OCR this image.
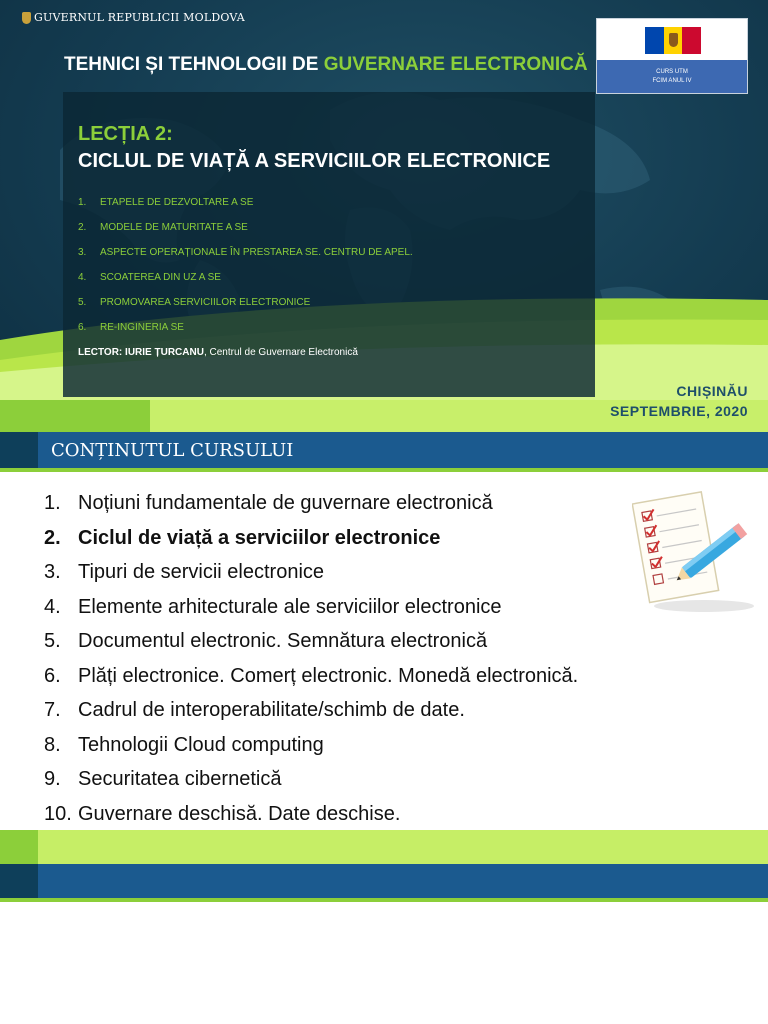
GUVERNUL REPUBLICII MOLDOVA
TEHNICI ȘI TEHNOLOGII DE GUVERNARE ELECTRONICĂ	CURS UTM
FCIM ANUL IV
LECȚIA 2:
CICLUL DE VIAȚĂ A SERVICIILOR ELECTRONICE
1. ETAPELE DE DEZVOLTARE A SE
2. MODELE DE MATURITATE A SE
3. ASPECTE OPERAȚIONALE ÎN PRESTAREA SE. CENTRU DE APEL.
4. SCOATEREA DIN UZ A SE
5. PROMOVAREA SERVICIILOR ELECTRONICE
6. RE-INGINERIA SE
LECTOR: IURIE ȚURCANU, Centrul de Guvernare Electronică
CHIȘINĂU
SEPTEMBRIE, 2020
CONȚINUTUL CURSULUI
1. Noțiuni fundamentale de guvernare electronică
2. Ciclul de viață a serviciilor electronice
3. Tipuri de servicii electronice
4. Elemente arhitecturale ale serviciilor electronice
5. Documentul electronic. Semnătura electronică
6. Plăți electronice. Comerț electronic. Monedă electronică.
7. Cadrul de interoperabilitate/schimb de date.
8. Tehnologii Cloud computing
9. Securitatea cibernetică
10. Guvernare deschisă. Date deschise.
